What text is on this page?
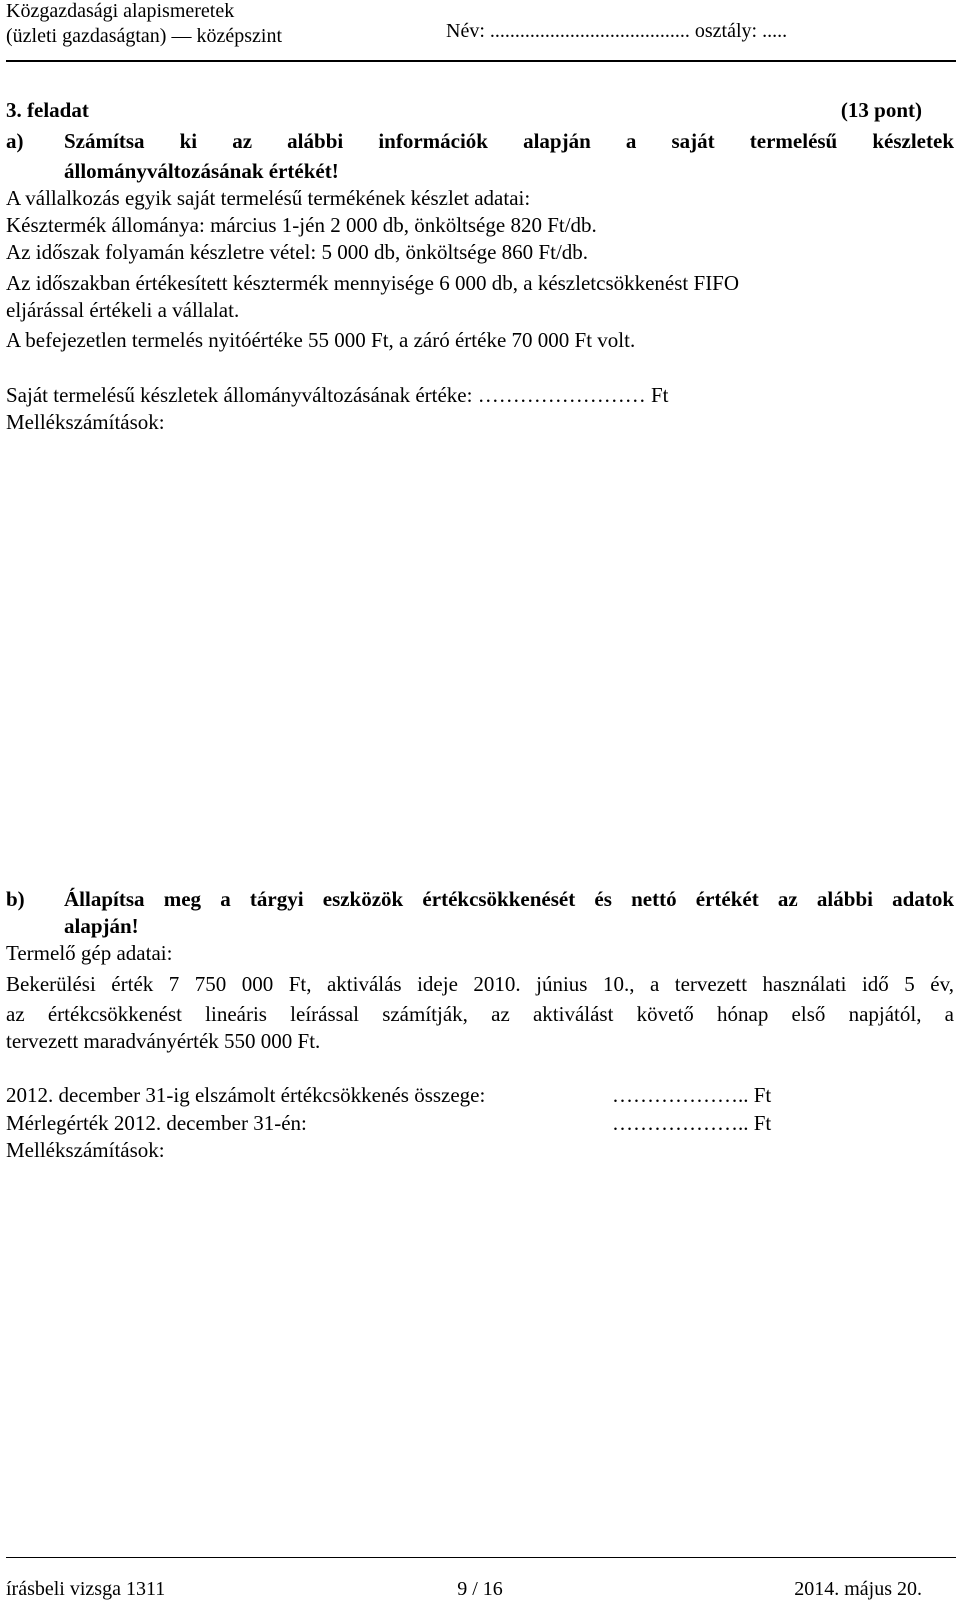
Közgazdasági alapismeretek
(üzleti gazdaságtan) — középszint	Név: ........................................ osztály: .....
3. feladat	(13 pont)
a) Számítsa ki az alábbi információk alapján a saját termelésű készletek
állományváltozásának értékét!
A vállalkozás egyik saját termelésű termékének készlet adatai:
Késztermék állománya: március 1-jén 2 000 db, önköltsége 820 Ft/db.
Az időszak folyamán készletre vétel: 5 000 db, önköltsége 860 Ft/db.
Az időszakban értékesített késztermék mennyisége 6 000 db, a készletcsökkenést FIFO
eljárással értékeli a vállalat.
A befejezetlen termelés nyitóértéke 55 000 Ft, a záró értéke 70 000 Ft volt.
Saját termelésű készletek állományváltozásának értéke: …………………… Ft
Mellékszámítások:
b) Állapítsa meg a tárgyi eszközök értékcsökkenését és nettó értékét az alábbi adatok
alapján!
Termelő gép adatai:
Bekerülési érték 7 750 000 Ft, aktiválás ideje 2010. június 10., a tervezett használati idő 5 év,
az értékcsökkenést lineáris leírással számítják, az aktiválást követő hónap első napjától, a
tervezett maradványérték 550 000 Ft.
2012. december 31-ig elszámolt értékcsökkenés összege:	……………….. Ft
Mérlegérték 2012. december 31-én:	……………….. Ft
Mellékszámítások:
írásbeli vizsga 1311	9 / 16	2014. május 20.
